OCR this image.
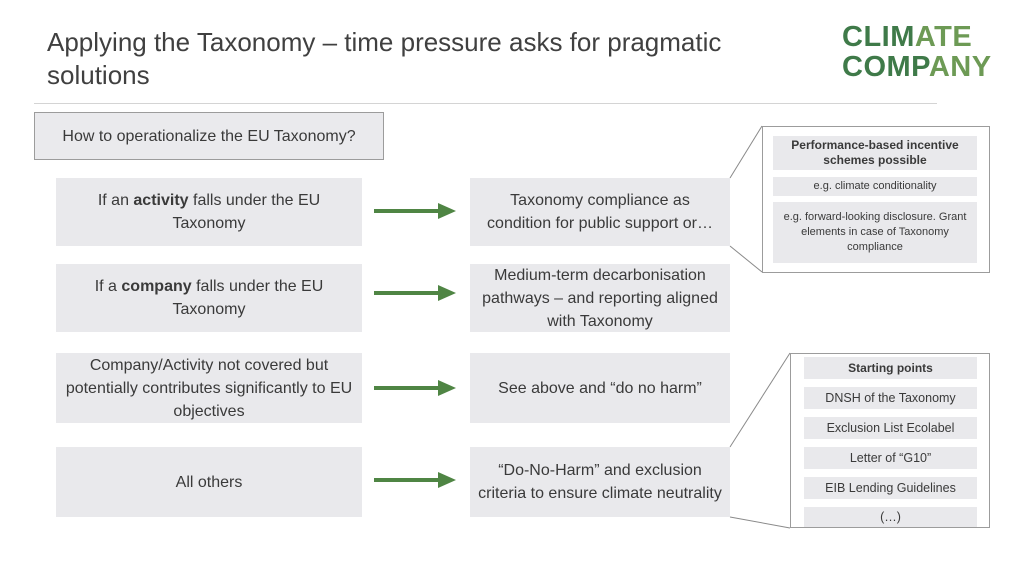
Applying the Taxonomy – time pressure asks for pragmatic solutions
CLIMATE
COMPANY
How to operationalize the EU Taxonomy?
If an activity falls under the EU Taxonomy
Taxonomy compliance as condition for public support or…
If a company falls under the EU Taxonomy
Medium-term decarbonisation pathways – and reporting aligned with Taxonomy
Company/Activity not covered but potentially contributes significantly to EU objectives
See above and “do no harm”
All others
“Do-No-Harm” and exclusion criteria to ensure climate neutrality
Performance-based incentive schemes possible
e.g. climate conditionality
e.g. forward-looking disclosure. Grant elements in case of Taxonomy compliance
Starting points
DNSH of the Taxonomy
Exclusion List Ecolabel
Letter of “G10”
EIB Lending Guidelines
(…)
